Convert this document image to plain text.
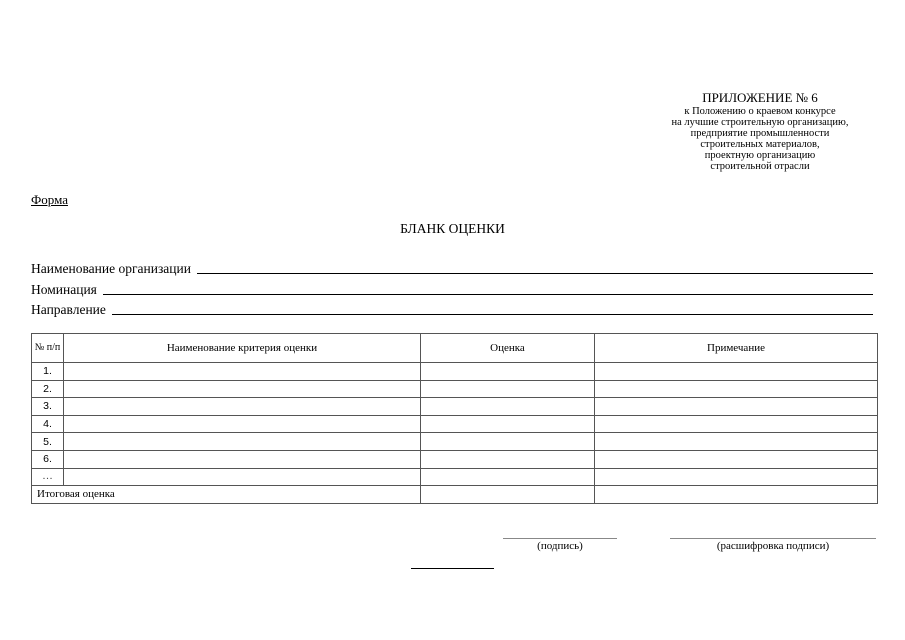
ПРИЛОЖЕНИЕ № 6
к Положению о краевом конкурсе
на лучшие строительную организацию,
предприятие промышленности
строительных материалов,
проектную организацию
строительной отрасли
Форма
БЛАНК ОЦЕНКИ
Наименование организации
Номинация
Направление
№ п/п	Наименование критерия оценки	Оценка	Примечание
1.			
2.			
3.			
4.			
5.			
6.			
…			
Итоговая оценка			
(подпись)	(расшифровка подписи)
